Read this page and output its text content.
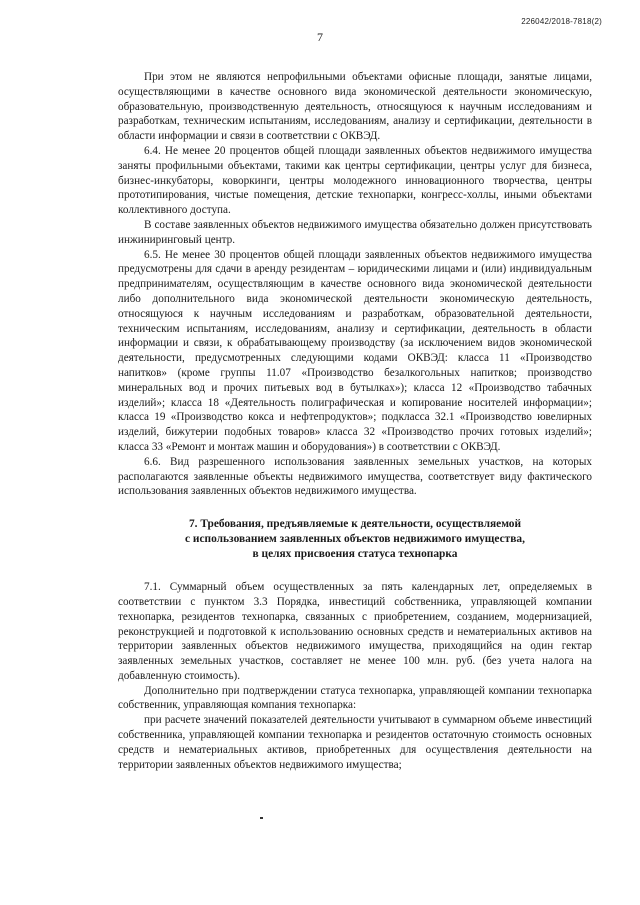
226042/2018-7818(2)
7

При этом не являются непрофильными объектами офисные площади, занятые лицами, осуществляющими в качестве основного вида экономической деятельности экономическую, образовательную, производственную деятельность, относящуюся к научным исследованиям и разработкам, техническим испытаниям, исследованиям, анализу и сертификации, деятельности в области информации и связи в соответствии с ОКВЭД.

6.4. Не менее 20 процентов общей площади заявленных объектов недвижимого имущества заняты профильными объектами, такими как центры сертификации, центры услуг для бизнеса, бизнес-инкубаторы, коворкинги, центры молодежного инновационного творчества, центры прототипирования, чистые помещения, детские технопарки, конгресс-холлы, иными объектами коллективного доступа.

В составе заявленных объектов недвижимого имущества обязательно должен присутствовать инжиниринговый центр.

6.5. Не менее 30 процентов общей площади заявленных объектов недвижимого имущества предусмотрены для сдачи в аренду резидентам – юридическими лицами и (или) индивидуальным предпринимателям, осуществляющим в качестве основного вида экономической деятельности либо дополнительного вида экономической деятельности экономическую деятельность, относящуюся к научным исследованиям и разработкам, образовательной деятельности, техническим испытаниям, исследованиям, анализу и сертификации, деятельность в области информации и связи, к обрабатывающему производству (за исключением видов экономической деятельности, предусмотренных следующими кодами ОКВЭД: класса 11 «Производство напитков» (кроме группы 11.07 «Производство безалкогольных напитков; производство минеральных вод и прочих питьевых вод в бутылках»); класса 12 «Производство табачных изделий»; класса 18 «Деятельность полиграфическая и копирование носителей информации»; класса 19 «Производство кокса и нефтепродуктов»; подкласса 32.1 «Производство ювелирных изделий, бижутерии подобных товаров» класса 32 «Производство прочих готовых изделий»; класса 33 «Ремонт и монтаж машин и оборудования») в соответствии с ОКВЭД.

6.6. Вид разрешенного использования заявленных земельных участков, на которых располагаются заявленные объекты недвижимого имущества, соответствует виду фактического использования заявленных объектов недвижимого имущества.

7. Требования, предъявляемые к деятельности, осуществляемой

с использованием заявленных объектов недвижимого имущества,

в целях присвоения статуса технопарка

7.1. Суммарный объем осуществленных за пять календарных лет, определяемых в соответствии с пунктом 3.3 Порядка, инвестиций собственника, управляющей компании технопарка, резидентов технопарка, связанных с приобретением, созданием, модернизацией, реконструкцией и подготовкой к использованию основных средств и нематериальных активов на территории заявленных объектов недвижимого имущества, приходящийся на один гектар заявленных земельных участков, составляет не менее 100 млн. руб. (без учета налога на добавленную стоимость).

Дополнительно при подтверждении статуса технопарка, управляющей компании технопарка собственник, управляющая компания технопарка:

при расчете значений показателей деятельности учитывают в суммарном объеме инвестиций собственника, управляющей компании технопарка и резидентов остаточную стоимость основных средств и нематериальных активов, приобретенных для осуществления деятельности на территории заявленных объектов недвижимого имущества;
